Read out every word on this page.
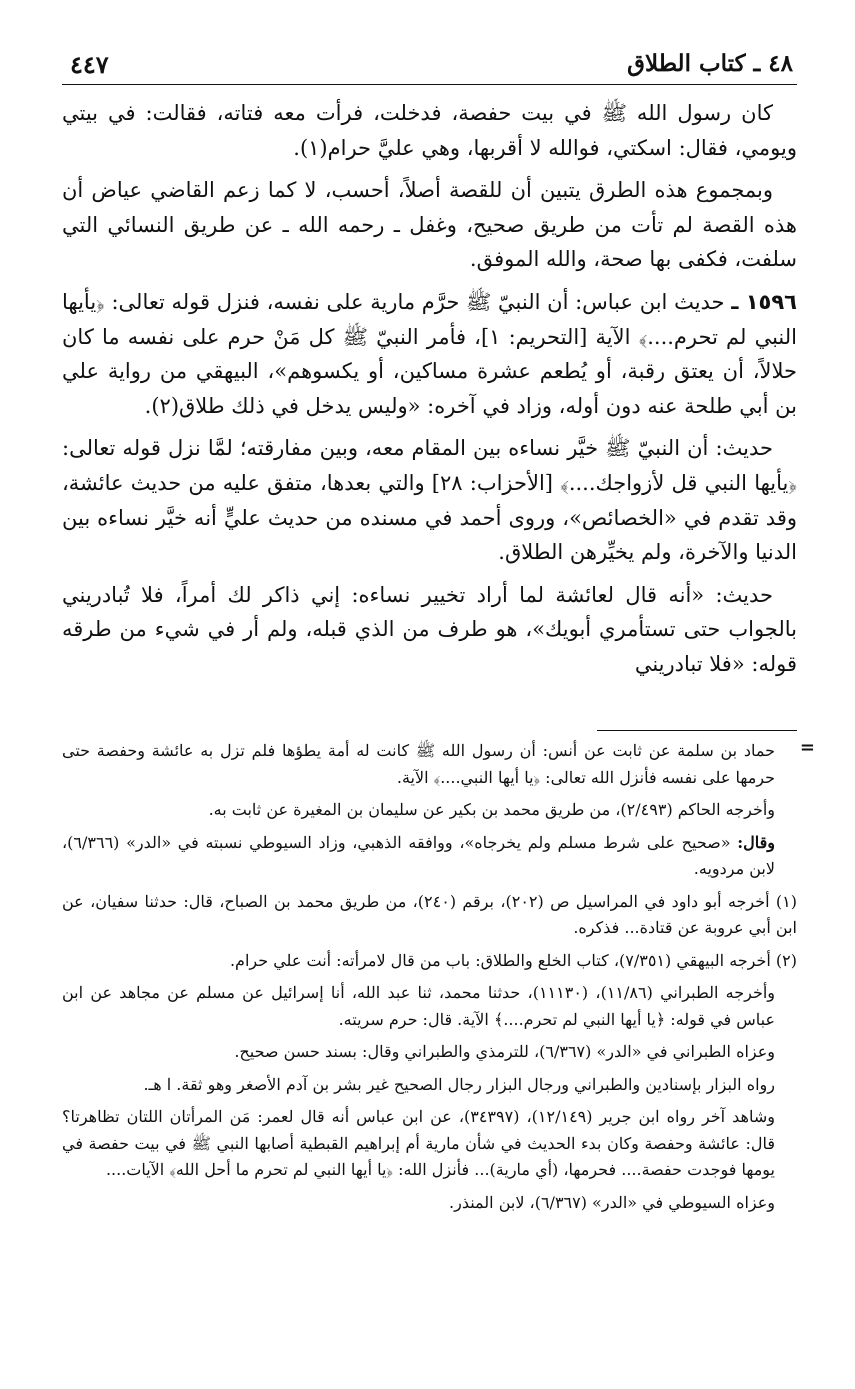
٤٤٧	٤٨ ـ كتاب الطلاق

كان رسول الله ﷺ في بيت حفصة، فدخلت، فرأت معه فتاته، فقالت: في بيتي ويومي، فقال: اسكتي، فوالله لا أقربها، وهي عليَّ حرام(١).

وبمجموع هذه الطرق يتبين أن للقصة أصلاً، أحسب، لا كما زعم القاضي عياض أن هذه القصة لم تأت من طريق صحيح، وغفل ـ رحمه الله ـ عن طريق النسائي التي سلفت، فكفى بها صحة، والله الموفق.

١٥٩٦ ـ حديث ابن عباس: أن النبيّ ﷺ حرَّم مارية على نفسه، فنزل قوله تعالى: ﴿يأيها النبي لم تحرم....﴾ الآية [التحريم: ١]، فأمر النبيّ ﷺ كل مَنْ حرم على نفسه ما كان حلالاً، أن يعتق رقبة، أو يُطعم عشرة مساكين، أو يكسوهم»، البيهقي من رواية علي بن أبي طلحة عنه دون أوله، وزاد في آخره: «وليس يدخل في ذلك طلاق(٢).

حديث: أن النبيّ ﷺ خيَّر نساءه بين المقام معه، وبين مفارقته؛ لمَّا نزل قوله تعالى: ﴿يأيها النبي قل لأزواجك....﴾ [الأحزاب: ٢٨] والتي بعدها، متفق عليه من حديث عائشة، وقد تقدم في «الخصائص»، وروى أحمد في مسنده من حديث عليٍّ أنه خيَّر نساءه بين الدنيا والآخرة، ولم يخيِّرهن الطلاق.

حديث: «أنه قال لعائشة لما أراد تخيير نساءه: إني ذاكر لك أمراً، فلا تُبادريني بالجواب حتى تستأمري أبويك»، هو طرف من الذي قبله، ولم أر في شيء من طرقه قوله: «فلا تبادريني

=

حماد بن سلمة عن ثابت عن أنس: أن رسول الله ﷺ كانت له أمة يطؤها فلم تزل به عائشة وحفصة حتى حرمها على نفسه فأنزل الله تعالى: ﴿يا أيها النبي....﴾ الآية.

وأخرجه الحاكم (٢/٤٩٣)، من طريق محمد بن بكير عن سليمان بن المغيرة عن ثابت به.

وقال: «صحيح على شرط مسلم ولم يخرجاه»، ووافقه الذهبي، وزاد السيوطي نسبته في «الدر» (٦/٣٦٦)، لابن مردويه.

(١) أخرجه أبو داود في المراسيل ص (٢٠٢)، برقم (٢٤٠)، من طريق محمد بن الصباح، قال: حدثنا سفيان، عن ابن أبي عروبة عن قتادة... فذكره.

(٢) أخرجه البيهقي (٧/٣٥١)، كتاب الخلع والطلاق: باب من قال لامرأته: أنت علي حرام.

وأخرجه الطبراني (١١/٨٦)، (١١١٣٠)، حدثنا محمد، ثنا عبد الله، أنا إسرائيل عن مسلم عن مجاهد عن ابن عباس في قوله: ﴿يا أيها النبي لم تحرم....﴾ الآية. قال: حرم سريته.

وعزاه الطبراني في «الدر» (٦/٣٦٧)، للترمذي والطبراني وقال: بسند حسن صحيح.

رواه البزار بإسنادين والطبراني ورجال البزار رجال الصحيح غير بشر بن آدم الأصغر وهو ثقة. ا هـ.

وشاهد آخر رواه ابن جرير (١٢/١٤٩)، (٣٤٣٩٧)، عن ابن عباس أنه قال لعمر: مَن المرأتان اللتان تظاهرتا؟ قال: عائشة وحفصة وكان بدء الحديث في شأن مارية أم إبراهيم القبطية أصابها النبي ﷺ في بيت حفصة في يومها فوجدت حفصة.... فحرمها، (أي مارية)... فأنزل الله: ﴿يا أيها النبي لم تحرم ما أحل الله﴾ الآيات....

وعزاه السيوطي في «الدر» (٦/٣٦٧)، لابن المنذر.
